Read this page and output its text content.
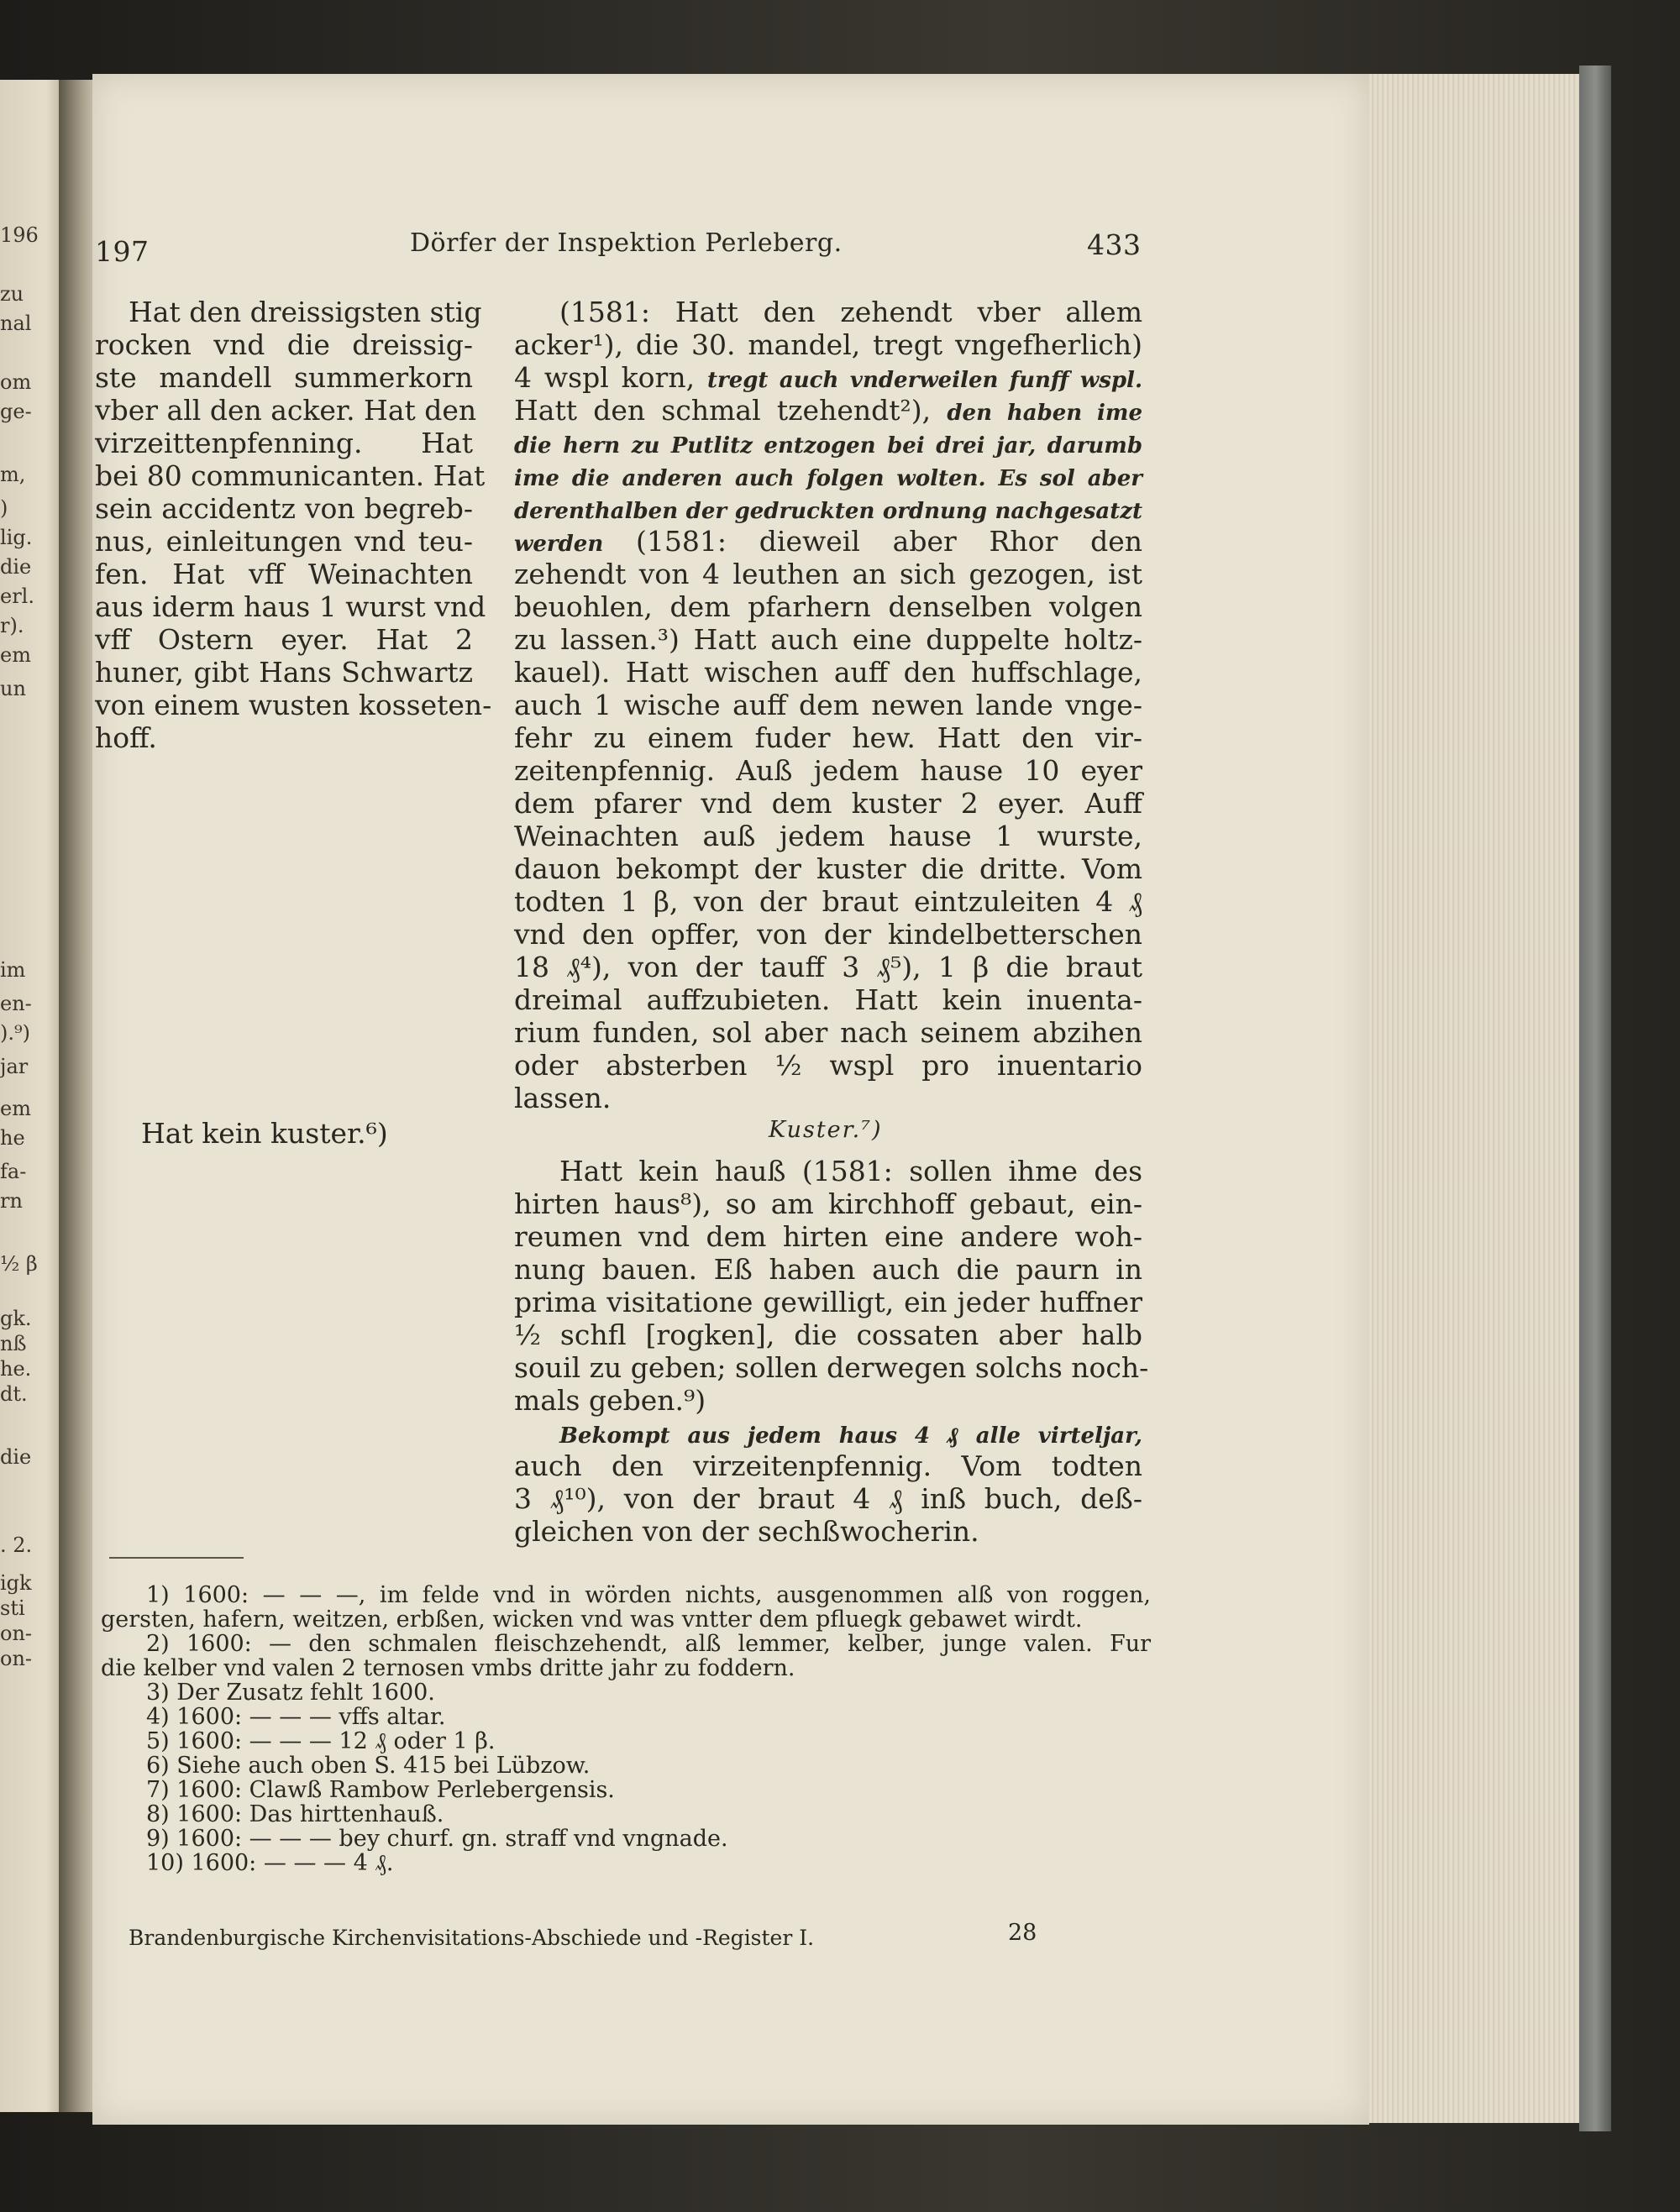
196
zu
nal
om
ge-
m,
)
lig.
die
erl.
r).
em
un
im
en-
).⁹)
jar
em
he
fa-
rn
½ β
gk.
nß
he.
dt.
die
. 2.
igk
sti
on-
on-
197	Dörfer der Inspektion Perleberg.	433
Hat den dreissigsten stig
rocken vnd die dreissig-
ste mandell summerkorn
vber all den acker. Hat den
virzeittenpfenning. Hat
bei 80 communicanten. Hat
sein accidentz von begreb-
nus, einleitungen vnd teu-
fen. Hat vff Weinachten
aus iderm haus 1 wurst vnd
vff Ostern eyer. Hat 2
huner, gibt Hans Schwartz
von einem wusten kosseten-
hoff.
Hat kein kuster.⁶)
(1581: Hatt den zehendt vber allem
acker¹), die 30. mandel, tregt vngefherlich)
4 wspl korn, tregt auch vnderweilen funff wspl.
Hatt den schmal tzehendt²), den haben ime
die hern zu Putlitz entzogen bei drei jar, darumb
ime die anderen auch folgen wolten. Es sol aber
derenthalben der gedruckten ordnung nachgesatzt
werden (1581: dieweil aber Rhor den
zehendt von 4 leuthen an sich gezogen, ist
beuohlen, dem pfarhern denselben volgen
zu lassen.³) Hatt auch eine duppelte holtz-
kauel). Hatt wischen auff den huffschlage,
auch 1 wische auff dem newen lande vnge-
fehr zu einem fuder hew. Hatt den vir-
zeitenpfennig. Auß jedem hause 10 eyer
dem pfarer vnd dem kuster 2 eyer. Auff
Weinachten auß jedem hause 1 wurste,
dauon bekompt der kuster die dritte. Vom
todten 1 β, von der braut eintzuleiten 4 ₰
vnd den opffer, von der kindelbetterschen
18 ₰⁴), von der tauff 3 ₰⁵), 1 β die braut
dreimal auffzubieten. Hatt kein inuenta-
rium funden, sol aber nach seinem abzihen
oder absterben ½ wspl pro inuentario
lassen.
Kuster.⁷)
Hatt kein hauß (1581: sollen ihme des
hirten haus⁸), so am kirchhoff gebaut, ein-
reumen vnd dem hirten eine andere woh-
nung bauen. Eß haben auch die paurn in
prima visitatione gewilligt, ein jeder huffner
½ schfl [rogken], die cossaten aber halb
souil zu geben; sollen derwegen solchs noch-
mals geben.⁹)
Bekompt aus jedem haus 4 ₰ alle virteljar,
auch den virzeitenpfennig. Vom todten
3 ₰¹⁰), von der braut 4 ₰ inß buch, deß-
gleichen von der sechßwocherin.
1) 1600: — — —, im felde vnd in wörden nichts, ausgenommen alß von roggen,
gersten, hafern, weitzen, erbßen, wicken vnd was vntter dem pfluegk gebawet wirdt.
2) 1600: — den schmalen fleischzehendt, alß lemmer, kelber, junge valen. Fur
die kelber vnd valen 2 ternosen vmbs dritte jahr zu foddern.
3) Der Zusatz fehlt 1600.
4) 1600: — — — vffs altar.
5) 1600: — — — 12 ₰ oder 1 β.
6) Siehe auch oben S. 415 bei Lübzow.
7) 1600: Clawß Rambow Perlebergensis.
8) 1600: Das hirttenhauß.
9) 1600: — — — bey churf. gn. straff vnd vngnade.
10) 1600: — — — 4 ₰.
Brandenburgische Kirchenvisitations-Abschiede und -Register I.	28
